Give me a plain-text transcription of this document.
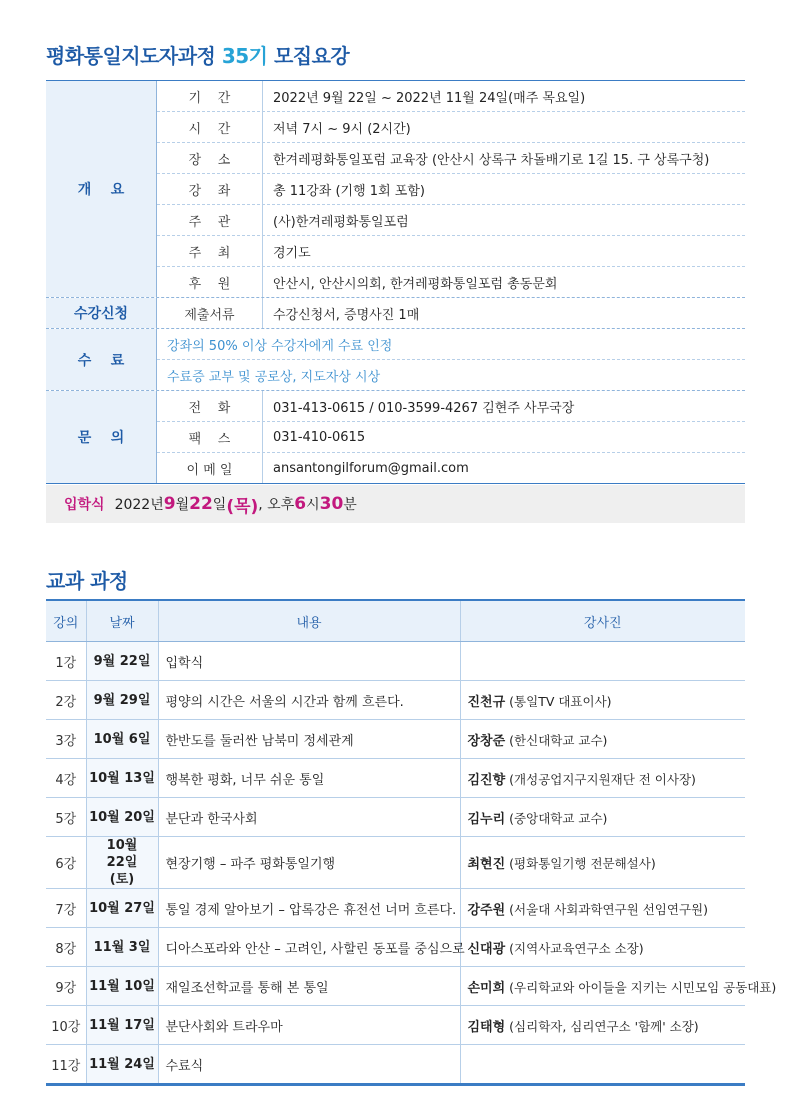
평화통일지도자과정 35기 모집요강
개    요
기    간	2022년 9월 22일 ~ 2022년 11월 24일(매주 목요일)
시    간	저녁 7시 ~ 9시 (2시간)
장    소	한겨레평화통일포럼 교육장 (안산시 상록구 차돌배기로 1길 15. 구 상록구청)
강    좌	총 11강좌 (기행 1회 포함)
주    관	(사)한겨레평화통일포럼
주    최	경기도
후    원	안산시, 안산시의회, 한겨레평화통일포럼 총동문회
수강신청	제출서류	수강신청서, 증명사진 1매
수    료
강좌의 50% 이상 수강자에게 수료 인정
수료증 교부 및 공로상, 지도자상 시상
문    의
전    화	031-413-0615 / 010-3599-4267 김현주 사무국장
팩    스	031-410-0615
이 메 일	ansantongilforum@gmail.com
입학식 2022년 9 월 22 일 (목) , 오후 6 시 30 분
교과 과정
강의	날짜	내용	강사진
1강	9월 22일	입학식	
2강	9월 29일	평양의 시간은 서울의 시간과 함께 흐른다.	진천규 (통일TV 대표이사)
3강	10월 6일	한반도를 둘러싼 남북미 정세관계	장창준 (한신대학교 교수)
4강	10월 13일	행복한 평화, 너무 쉬운 통일	김진향 (개성공업지구지원재단 전 이사장)
5강	10월 20일	분단과 한국사회	김누리 (중앙대학교 교수)
6강	10월 22일 (토)	현장기행 – 파주 평화통일기행	최현진 (평화통일기행 전문해설사)
7강	10월 27일	통일 경제 알아보기 – 압록강은 휴전선 너머 흐른다.	강주원 (서울대 사회과학연구원 선임연구원)
8강	11월 3일	디아스포라와 안산 – 고려인, 사할린 동포를 중심으로	신대광 (지역사교육연구소 소장)
9강	11월 10일	재일조선학교를 통해 본 통일	손미희 (우리학교와 아이들을 지키는 시민모임 공동대표)
10강	11월 17일	분단사회와 트라우마	김태형 (심리학자, 심리연구소 '함께' 소장)
11강	11월 24일	수료식	
